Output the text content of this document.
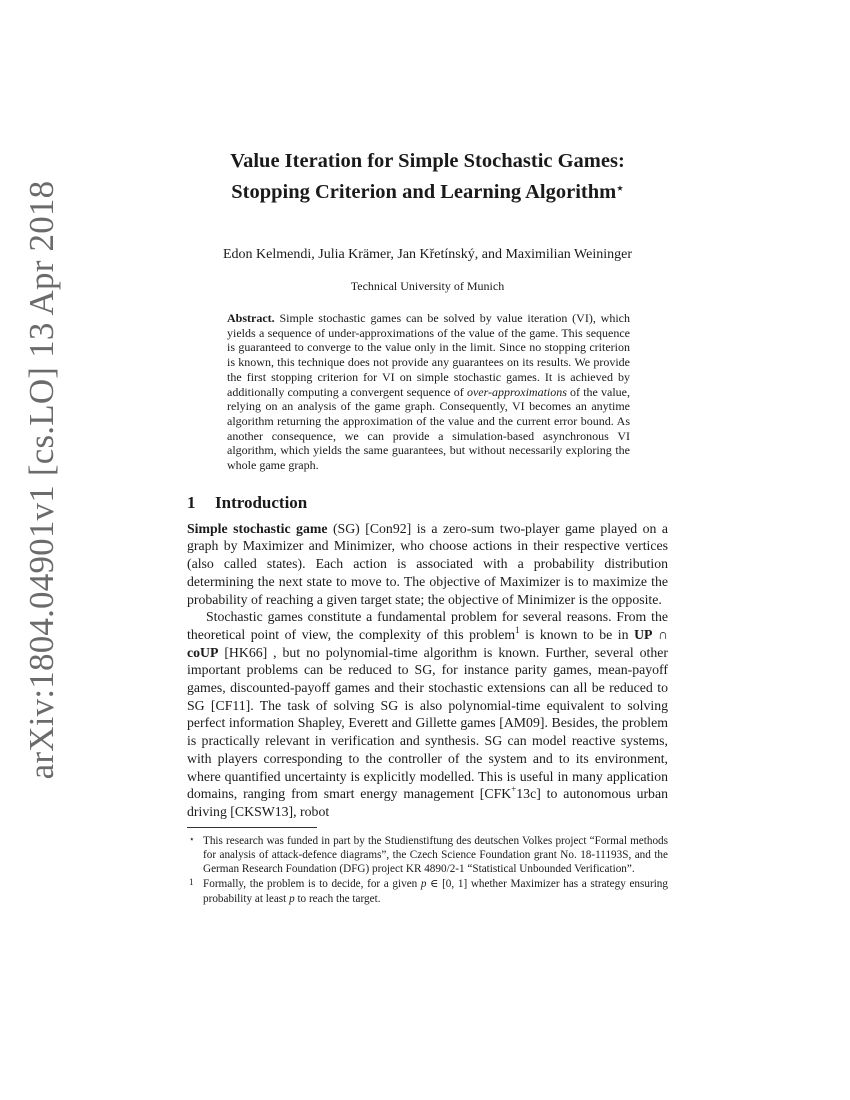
arXiv:1804.04901v1 [cs.LO] 13 Apr 2018
Value Iteration for Simple Stochastic Games:
Stopping Criterion and Learning Algorithm⋆
Edon Kelmendi, Julia Krämer, Jan Křetínský, and Maximilian Weininger
Technical University of Munich
Abstract. Simple stochastic games can be solved by value iteration (VI), which yields a sequence of under-approximations of the value of the game. This sequence is guaranteed to converge to the value only in the limit. Since no stopping criterion is known, this technique does not provide any guarantees on its results. We provide the first stopping criterion for VI on simple stochastic games. It is achieved by additionally computing a convergent sequence of over-approximations of the value, relying on an analysis of the game graph. Consequently, VI becomes an anytime algorithm returning the approximation of the value and the current error bound. As another consequence, we can provide a simulation-based asynchronous VI algorithm, which yields the same guarantees, but without necessarily exploring the whole game graph.
1 Introduction

Simple stochastic game (SG) [Con92] is a zero-sum two-player game played on a graph by Maximizer and Minimizer, who choose actions in their respective vertices (also called states). Each action is associated with a probability distribution determining the next state to move to. The objective of Maximizer is to maximize the probability of reaching a given target state; the objective of Minimizer is the opposite.

Stochastic games constitute a fundamental problem for several reasons. From the theoretical point of view, the complexity of this problem$^1$ is known to be in UP ∩ coUP [HK66] , but no polynomial-time algorithm is known. Further, several other important problems can be reduced to SG, for instance parity games, mean-payoff games, discounted-payoff games and their stochastic extensions can all be reduced to SG [CF11]. The task of solving SG is also polynomial-time equivalent to solving perfect information Shapley, Everett and Gillette games [AM09]. Besides, the problem is practically relevant in verification and synthesis. SG can model reactive systems, with players corresponding to the controller of the system and to its environment, where quantified uncertainty is explicitly modelled. This is useful in many application domains, ranging from smart energy management [CFK+13c] to autonomous urban driving [CKSW13], robot

⋆ This research was funded in part by the Studienstiftung des deutschen Volkes project “Formal methods for analysis of attack-defence diagrams”, the Czech Science Foundation grant No. 18-11193S, and the German Research Foundation (DFG) project KR 4890/2-1 “Statistical Unbounded Verification”.
1 Formally, the problem is to decide, for a given p ∈ [0, 1] whether Maximizer has a strategy ensuring probability at least p to reach the target.
